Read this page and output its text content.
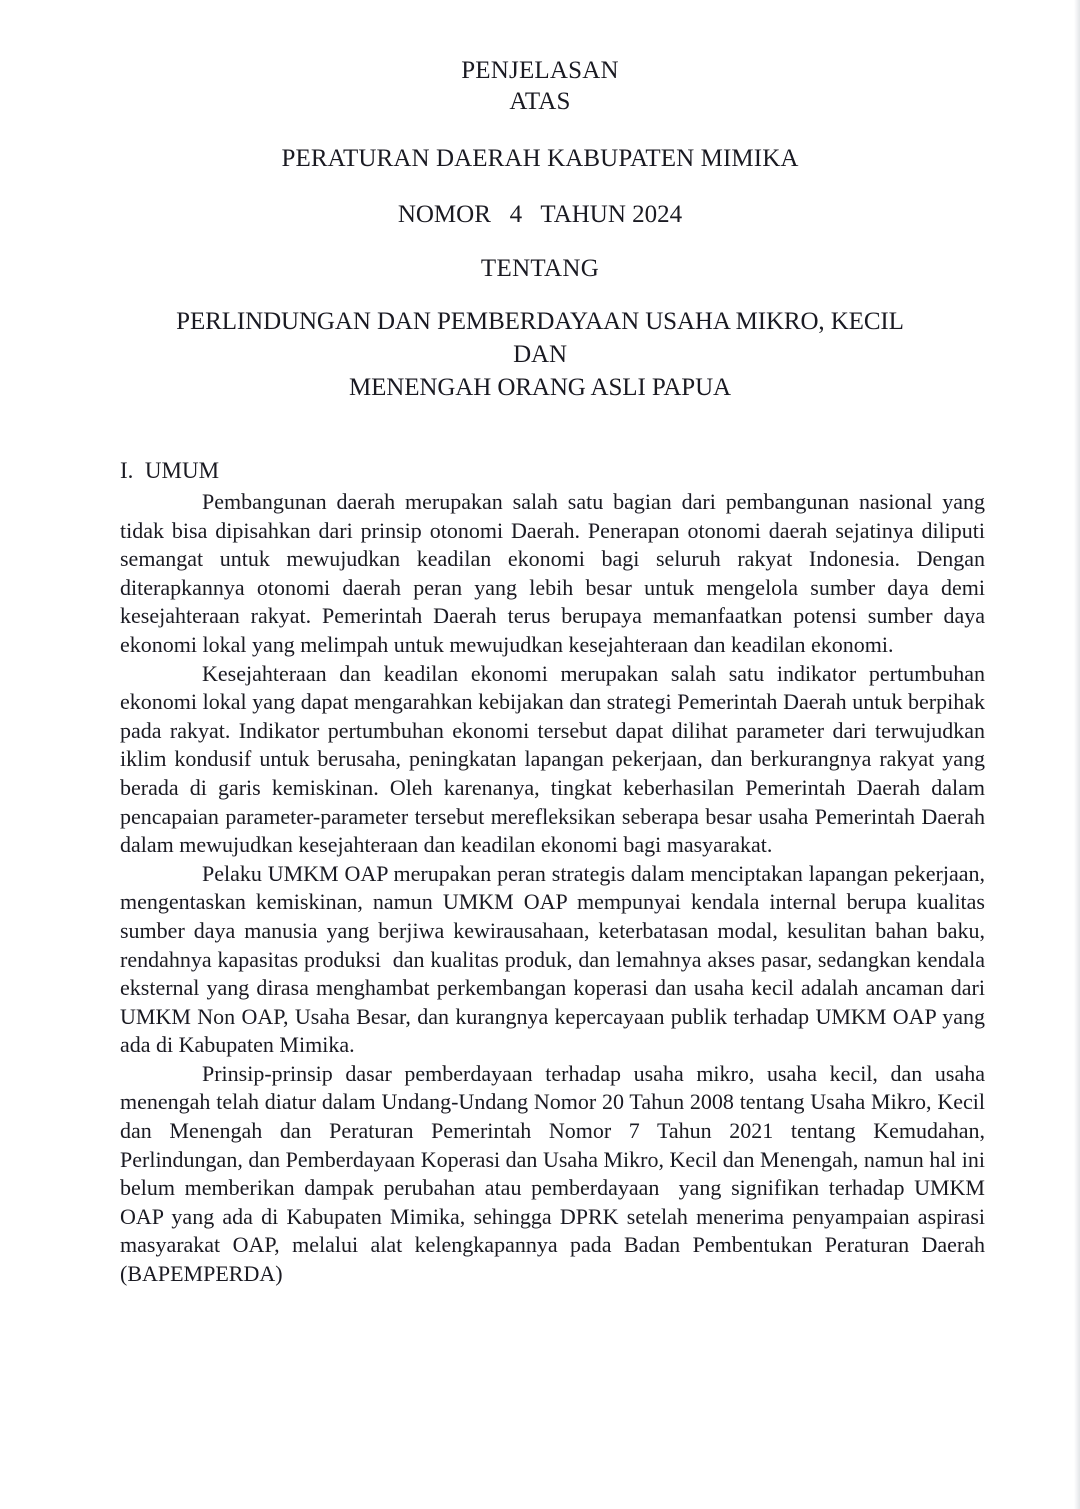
PENJELASAN
ATAS
PERATURAN DAERAH KABUPATEN MIMIKA
NOMOR   4   TAHUN 2024
TENTANG
PERLINDUNGAN DAN PEMBERDAYAAN USAHA MIKRO, KECIL DAN
MENENGAH ORANG ASLI PAPUA
I.  UMUM

Pembangunan daerah merupakan salah satu bagian dari pembangunan nasional yang tidak bisa dipisahkan dari prinsip otonomi Daerah. Penerapan otonomi daerah sejatinya diliputi semangat untuk mewujudkan keadilan ekonomi bagi seluruh rakyat Indonesia. Dengan diterapkannya otonomi daerah peran yang lebih besar untuk mengelola sumber daya demi kesejahteraan rakyat. Pemerintah Daerah terus berupaya memanfaatkan potensi sumber daya ekonomi lokal yang melimpah untuk mewujudkan kesejahteraan dan keadilan ekonomi.

Kesejahteraan dan keadilan ekonomi merupakan salah satu indikator pertumbuhan ekonomi lokal yang dapat mengarahkan kebijakan dan strategi Pemerintah Daerah untuk berpihak pada rakyat. Indikator pertumbuhan ekonomi tersebut dapat dilihat parameter dari terwujudkan iklim kondusif untuk berusaha, peningkatan lapangan pekerjaan, dan berkurangnya rakyat yang berada di garis kemiskinan. Oleh karenanya, tingkat keberhasilan Pemerintah Daerah dalam pencapaian parameter-parameter tersebut merefleksikan seberapa besar usaha Pemerintah Daerah dalam mewujudkan kesejahteraan dan keadilan ekonomi bagi masyarakat.

Pelaku UMKM OAP merupakan peran strategis dalam menciptakan lapangan pekerjaan, mengentaskan kemiskinan, namun UMKM OAP mempunyai kendala internal berupa kualitas sumber daya manusia yang berjiwa kewirausahaan, keterbatasan modal, kesulitan bahan baku, rendahnya kapasitas produksi  dan kualitas produk, dan lemahnya akses pasar, sedangkan kendala eksternal yang dirasa menghambat perkembangan koperasi dan usaha kecil adalah ancaman dari UMKM Non OAP, Usaha Besar, dan kurangnya kepercayaan publik terhadap UMKM OAP yang ada di Kabupaten Mimika.

Prinsip-prinsip dasar pemberdayaan terhadap usaha mikro, usaha kecil, dan usaha menengah telah diatur dalam Undang-Undang Nomor 20 Tahun 2008 tentang Usaha Mikro, Kecil dan Menengah dan Peraturan Pemerintah Nomor 7 Tahun 2021 tentang Kemudahan, Perlindungan, dan Pemberdayaan Koperasi dan Usaha Mikro, Kecil dan Menengah, namun hal ini belum memberikan dampak perubahan atau pemberdayaan  yang signifikan terhadap UMKM OAP yang ada di Kabupaten Mimika, sehingga DPRK setelah menerima penyampaian aspirasi masyarakat OAP, melalui alat kelengkapannya pada Badan Pembentukan Peraturan Daerah (BAPEMPERDA)
